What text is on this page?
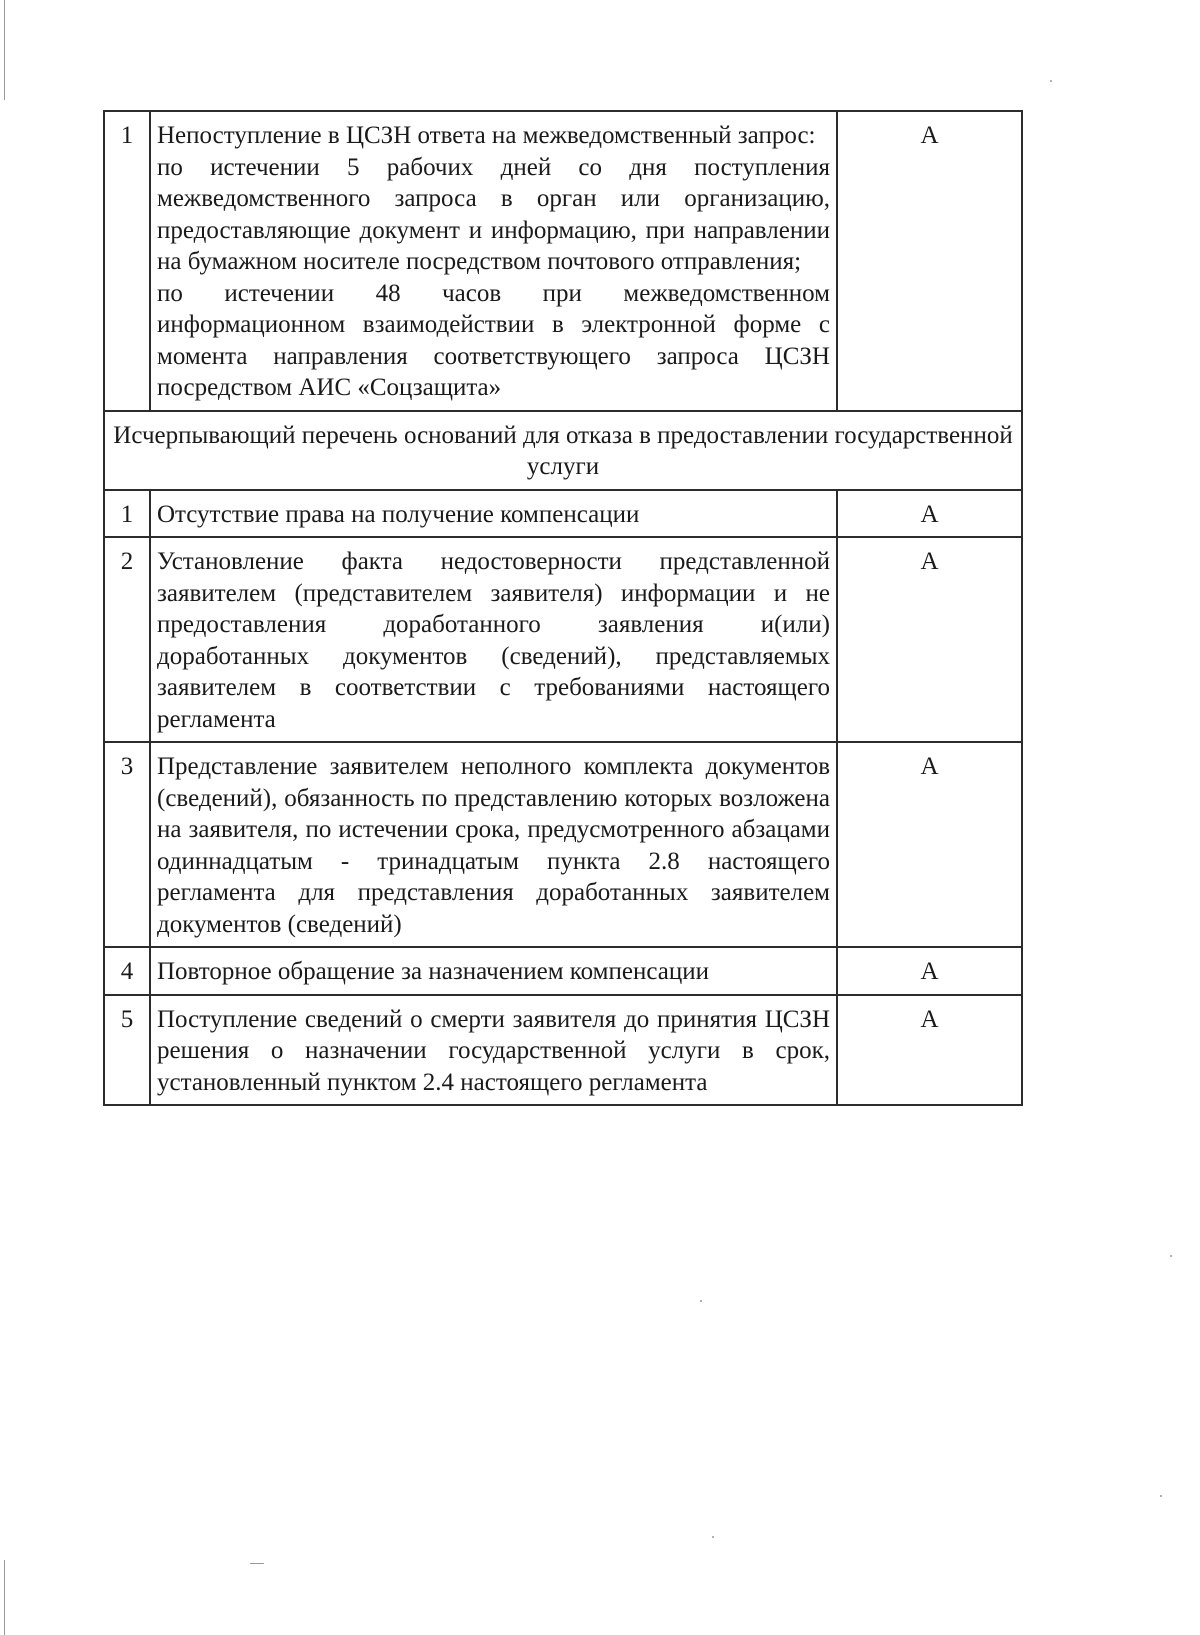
1	Непоступление в ЦСЗН ответа на межведомственный запрос:
по истечении 5 рабочих дней со дня поступления межведомственного запроса в орган или организацию, предоставляющие документ и информацию, при направлении на бумажном носителе посредством почтового отправления;
по истечении 48 часов при межведомственном информационном взаимодействии в электронной форме с момента направления соответствующего запроса ЦСЗН посредством АИС «Соцзащита»	А
Исчерпывающий перечень оснований для отказа в предоставлении государственной услуги		
1	Отсутствие права на получение компенсации	А
2	Установление факта недостоверности представленной заявителем (представителем заявителя) информации и не предоставления доработанного заявления и(или) доработанных документов (сведений), представляемых заявителем в соответствии с требованиями настоящего регламента	А
3	Представление заявителем неполного комплекта документов (сведений), обязанность по представлению которых возложена на заявителя, по истечении срока, предусмотренного абзацами одиннадцатым - тринадцатым пункта 2.8 настоящего регламента для представления доработанных заявителем документов (сведений)	А
4	Повторное обращение за назначением компенсации	А
5	Поступление сведений о смерти заявителя до принятия ЦСЗН решения о назначении государственной услуги в срок, установленный пунктом 2.4 настоящего регламента	А
